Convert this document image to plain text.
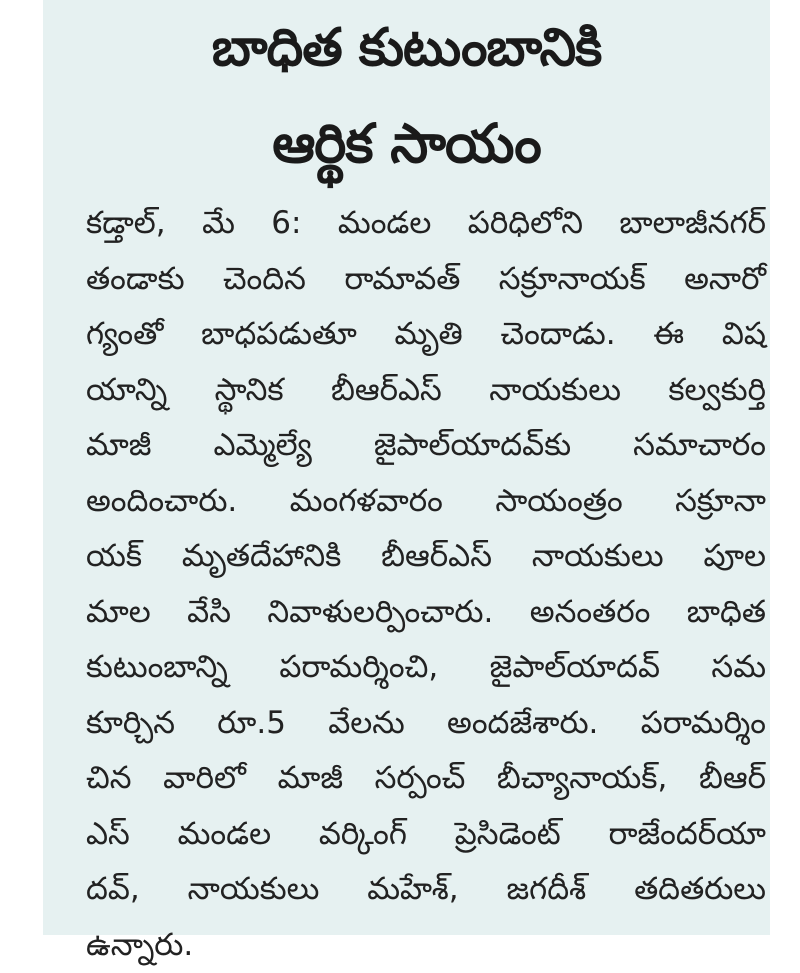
బాధిత కుటుంబానికి
ఆర్థిక సాయం
కడ్తాల్, మే 6: మండల పరిధిలోని బాలాజీనగర్
తండాకు చెందిన రామావత్ సక్రూనాయక్ అనారో
గ్యంతో బాధపడుతూ మృతి చెందాడు. ఈ విష
యాన్ని స్థానిక బీఆర్ఎస్ నాయకులు కల్వకుర్తి
మాజీ ఎమ్మెల్యే జైపాల్‌యాదవ్‌కు సమాచారం
అందించారు. మంగళవారం సాయంత్రం సక్రూనా
యక్ మృతదేహానికి బీఆర్ఎస్ నాయకులు పూల
మాల వేసి నివాళులర్పించారు. అనంతరం బాధిత
కుటుంబాన్ని పరామర్శించి, జైపాల్‌యాదవ్ సమ
కూర్చిన రూ.5 వేలను అందజేశారు. పరామర్శిం
చిన వారిలో మాజీ సర్పంచ్ బీచ్యానాయక్, బీఆర్
ఎస్ మండల వర్కింగ్ ప్రెసిడెంట్ రాజేందర్‌యా
దవ్, నాయకులు మహేశ్, జగదీశ్ తదితరులు
ఉన్నారు.
